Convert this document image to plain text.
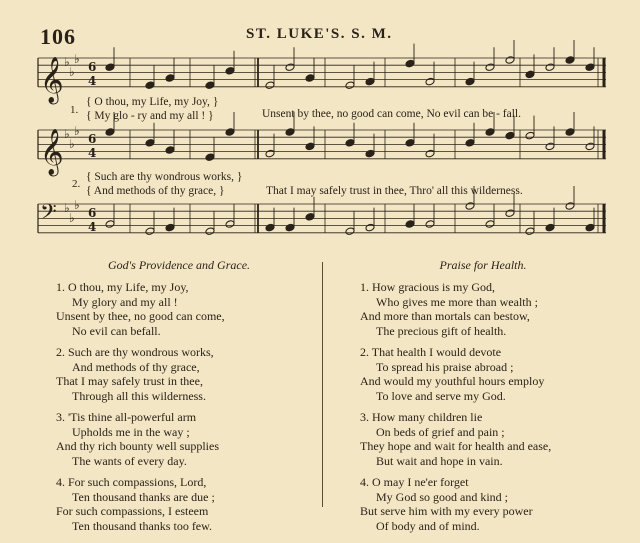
106	ST. LUKE'S. S. M.
𝄞 ♭
♭
♭
6
4
𝄞 ♭
♭
♭
6
4
𝄢 ♭
♭
♭
6
4
1.
{ O thou, my Life, my Joy, }
{ My glo - ry and my all ! }	Unsent by thee, no good can come, No evil can be - fall.
2.
{ Such are thy wondrous works, }
{ And methods of thy grace, }	That I may safely trust in thee, Thro' all this wilderness.
God's Providence and Grace.
1. O thou, my Life, my Joy,
My glory and my all !
Unsent by thee, no good can come,
No evil can befall.
2. Such are thy wondrous works,
And methods of thy grace,
That I may safely trust in thee,
Through all this wilderness.
3. 'Tis thine all-powerful arm
Upholds me in the way ;
And thy rich bounty well supplies
The wants of every day.
4. For such compassions, Lord,
Ten thousand thanks are due ;
For such compassions, I esteem
Ten thousand thanks too few.
Praise for Health.
1. How gracious is my God,
Who gives me more than wealth ;
And more than mortals can bestow,
The precious gift of health.
2. That health I would devote
To spread his praise abroad ;
And would my youthful hours employ
To love and serve my God.
3. How many children lie
On beds of grief and pain ;
They hope and wait for health and ease,
But wait and hope in vain.
4. O may I ne'er forget
My God so good and kind ;
But serve him with my every power
Of body and of mind.
